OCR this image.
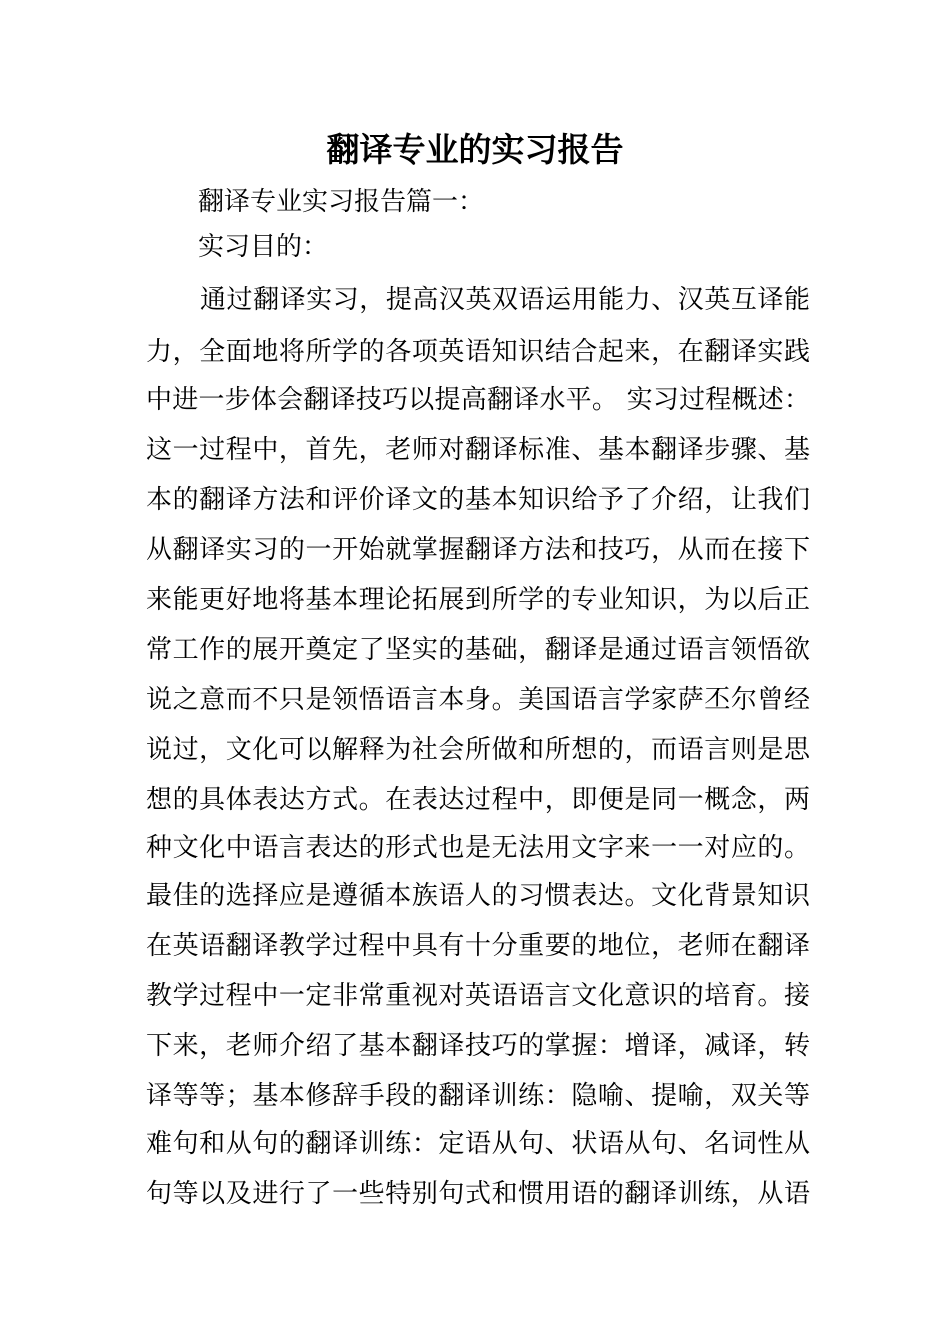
翻译专业的实习报告

翻译专业实习报告篇一：

实习目的：

通过翻译实习，提高汉英双语运用能力、汉英互译能

力，全面地将所学的各项英语知识结合起来，在翻译实践

中进一步体会翻译技巧以提高翻译水平。 实习过程概述：

这一过程中，首先，老师对翻译标准、基本翻译步骤、基

本的翻译方法和评价译文的基本知识给予了介绍，让我们

从翻译实习的一开始就掌握翻译方法和技巧，从而在接下

来能更好地将基本理论拓展到所学的专业知识，为以后正

常工作的展开奠定了坚实的基础，翻译是通过语言领悟欲

说之意而不只是领悟语言本身。美国语言学家萨丕尔曾经

说过，文化可以解释为社会所做和所想的，而语言则是思

想的具体表达方式。在表达过程中，即便是同一概念，两

种文化中语言表达的形式也是无法用文字来一一对应的。

最佳的选择应是遵循本族语人的习惯表达。文化背景知识

在英语翻译教学过程中具有十分重要的地位，老师在翻译

教学过程中一定非常重视对英语语言文化意识的培育。接

下来，老师介绍了基本翻译技巧的掌握：增译，减译，转

译等等；基本修辞手段的翻译训练：隐喻、提喻，双关等

难句和从句的翻译训练：定语从句、状语从句、名词性从

句等以及进行了一些特别句式和惯用语的翻译训练，从语
